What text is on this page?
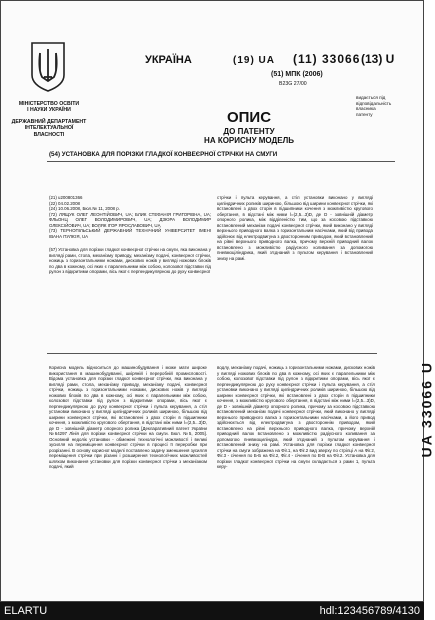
МІНІСТЕРСТВО ОСВІТИ
І НАУКИ УКРАЇНИ
ДЕРЖАВНИЙ ДЕПАРТАМЕНТ
ІНТЕЛЕКТУАЛЬНОЇ
ВЛАСНОСТІ
УКРАЇНА	(19) UA (11) 33066 (13) U
(51) МПК (2006)
B23G 27/00
видається під
відповідальність
власника
патенту
ОПИС
ДО ПАТЕНТУ
НА КОРИСНУ МОДЕЛЬ
(54) УСТАНОВКА ДЛЯ ПОРІЗКИ ГЛАДКОЇ КОНВЕЄРНОЇ СТРІЧКИ НА СМУГИ
(21) u200801366
(22) 04.02.2008
(24) 10.06.2008, Бюл.№ 11, 2008 р.
(72) ЛЯЩУК ОЛЕГ ЛЕОНТІЙОВИЧ, UA; БЛИК СТЕФАНІЯ ГРИГОРІВНА, UA; ФЛЬОНЦ ОЛЕГ ВОЛОДИМИРОВИЧ, UA; ДЗЮРА ВОЛОДИМИР ОЛЕКСІЙОВИЧ, UA; ВОЛЯК ІГОР ЯРОСЛАВОВИЧ, UA
(73) ТЕРНОПІЛЬСЬКИЙ ДЕРЖАВНИЙ ТЕХНІЧНИЙ УНІВЕРСИТЕТ ІМЕНІ ІВАНА ПУЛЮЯ, UA
(57) Установка для порізки гладкої конвеєрної стрічки на смуги, яка виконана у вигляді рами, стола, механізму приводу, механізму подачі, конвеєрної стрічки, ножиць з горизонтальними ножами, дискових ножів у вигляді ножових блоків по два в кожному, осі яких є паралельними між собою, колозової підставки під рулон з відкритими опорами, вісь якої є перпендикулярною до руху конвеєрної
стрічки і пульта керування, а стіл установки виконано у вигляді циліндричних роликів шириною, більшою від ширини конвеєрної стрічки, які встановлені з двох сторін в підшипники кочення з можливістю кругового обертання, в відстані між ними l=(2,5...3)D, де D - зовнішній діаметр опорного ролика, між відділеністю тим, що за косовою підставкою встановлений механізм подачі конвеєрної стрічки, який виконано у вигляді верхнього приводного валка з горизонтальним насічками, який від привода здійснює від електродвигуна з двосторонним приводом, який встановлений на рівні верхнього приводного валка, причому верхній приводний валок встановлено з можливістю радіусного коливання за допомогою пневмоціліндрика, який з'єднаний з пультом керування і встановлений знизу на рамі.
Корисна модель відноситься до машинобудування і може мати широке використання в машинобудуванні, шкіряній і переробній промисловості. Відома установка для порізки гладкої конвеєрної стрічки, яка виконана у вигляді рами, стола, механізму приводу, механізму подачі, конвеєрної стрічки, ножиць з горизонтальними ножами, дискових ножів у вигляді ножових блоків по два в кожному, осі яких є паралельними між собою, колозової підставки під рулон з відкритими опорами, вісь якої є перпендикулярною до руху конвеєрної стрічки і пульта керування, а стіл установки виконано у вигляді циліндричних роликів шириною, більшою від ширини конвеєрної стрічки, які встановлені з двох сторін в підшипники кочення, з можливістю кругового обертання, в відстані між ними l=(2,5...3)D, де D - зовнішній діаметр опорного ролика [Декларативний патент України №64297 Лінія для порізки конвеєрної стрічки на смуги. Бюл. №5, 2005]. Основний недолік установки - обмежені технологічні можливості і великі зусилля на переміщення конвеєрної стрічки в процесі її переробки при розрізанні. В основу корисної моделі поставлено задачу зменшення зусилля переміщення стрічки при різанні і розширення технологічних можливостей шляхом виконання установки для порізки конвеєрної стрічки з механізмом подачі, який
водлу, механізму подачі, ножиць з горизонтальними ножами, дискових ножів у вигляді ножових блоків по два в кожному, осі яких є паралельними між собою, колозової підставки під рулон з відкритими опорами, вісь якої є перпендикулярною до руху конвеєрної стрічки і пульта керування, а стіл установки виконано у вигляді циліндричних роликів шириною, більшою від ширини конвеєрної стрічки, які встановлені з двох сторін в підшипники кочення, з можливістю кругового обертання, в відстані між ними l=(2,5...3)D, де D - зовнішній діаметр опорного ролика, причому за косовою підставкою встановлений механізм подачі конвеєрної стрічки, який виконано у вигляді верхнього приводного валка з горизонтальними насічками, а його привод здійснюється від електродвигуна з двостороннім приводом, який встановлено на рівні верхнього приводного валка, причому верхній приводний валок встановлено з можливістю радіусного коливання за допомогою пневмоциліндра, який з'єднаний з пультом керування і встановлений знизу на рамі. Установка для порізки гладкої конвеєрної стрічки на смуги зображена на Фіг.1, на Фіг.2 вид зверху по стрілці А на Фіг.2, Фіг.3 - січення по Б-Б на Фіг.2, Фіг.4 - січення по В-В на Фіг.2. Установка для порізки гладкої конвеєрної стрічки на смуги складається з рами 1, пульта керу-
UA 33066 U
ELARTU	hdl:123456789/4130
